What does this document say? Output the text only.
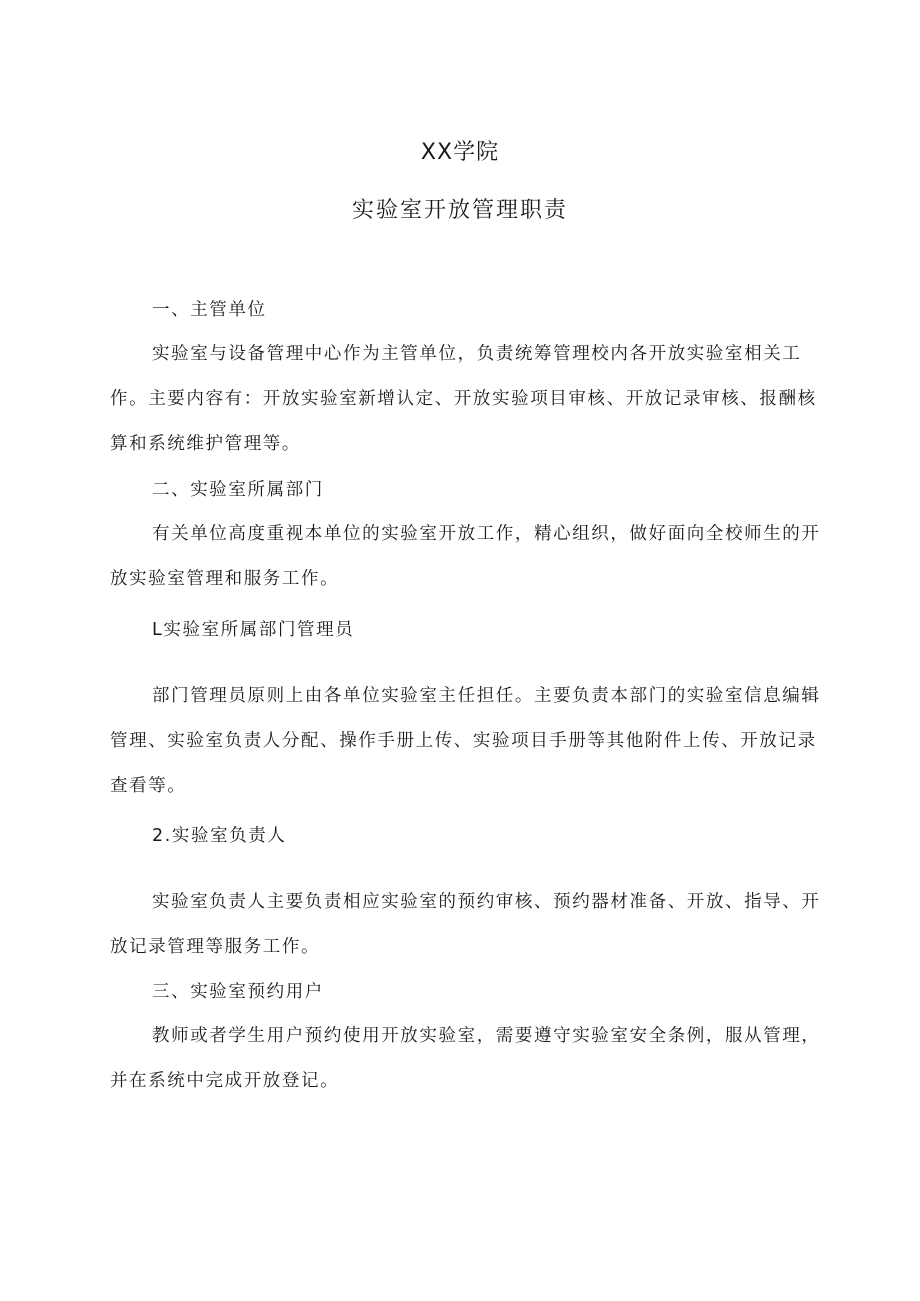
XX学院
实验室开放管理职责

一、主管单位

实验室与设备管理中心作为主管单位，负责统筹管理校内各开放实验室相关工作。主要内容有：开放实验室新增认定、开放实验项目审核、开放记录审核、报酬核算和系统维护管理等。

二、实验室所属部门

有关单位高度重视本单位的实验室开放工作，精心组织，做好面向全校师生的开放实验室管理和服务工作。

L实验室所属部门管理员

部门管理员原则上由各单位实验室主任担任。主要负责本部门的实验室信息编辑管理、实验室负责人分配、操作手册上传、实验项目手册等其他附件上传、开放记录查看等。

2.实验室负责人

实验室负责人主要负责相应实验室的预约审核、预约器材准备、开放、指导、开放记录管理等服务工作。

三、实验室预约用户

教师或者学生用户预约使用开放实验室，需要遵守实验室安全条例，服从管理，并在系统中完成开放登记。
